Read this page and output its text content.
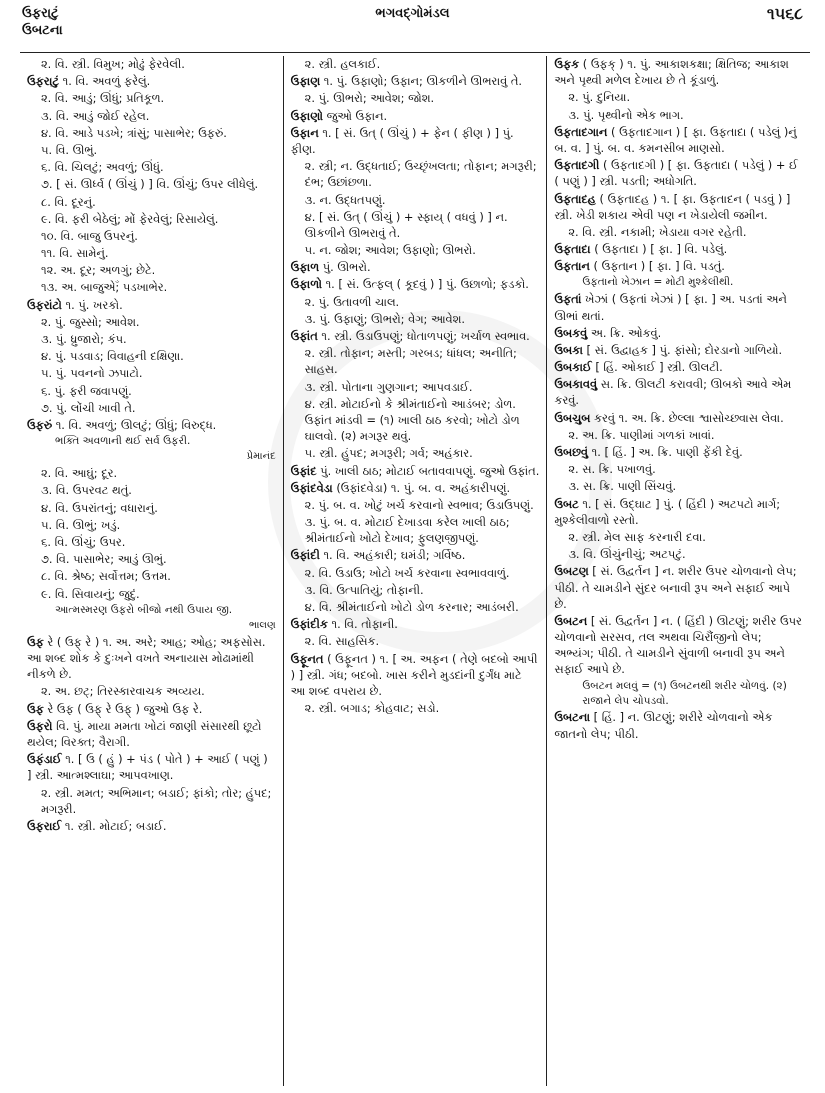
ઉફરાટું
ઉબટના
ભગવદ્ગોમંડલ	૧૫૬૮
૨. વિ. સ્ત્રી. વિમુખ; મોઢું ફેરવેલી.
ઉફરાટું ૧. વિ. અવળું ફરેલું.
૨. વિ. આડું; ઊંધું; પ્રતિકૂળ.
૩. વિ. આડું જોઈ રહેલ.
૪. વિ. આડે પડખે; ત્રાંસું; પાસાભેર; ઉફરું.
૫. વિ. ઊભું.
૬. વિ. ચિલટું; અવળું; ઊંધું.
૭. [ સં. ઊર્ધ્વ ( ઊંચું ) ] વિ. ઊંચું; ઉપર લીધેલું.
૮. વિ. દૂરનું.
૯. વિ. ફરી બેઠેલું; મોં ફેરવેલું; રિસાયેલું.
૧૦. વિ. બાજુ ઉપરનું.
૧૧. વિ. સામેનું.
૧૨. અ. દૂર; અળગું; છેટે.
૧૩. અ. બાજુએઁ; પડખાભેર.
ઉફરાંટો ૧. પું. ખરકો.
૨. પું. જુસ્સો; આવેશ.
૩. પું. ધ્રુજારો; કંપ.
૪. પું. પડવાડ; વિવાહની દક્ષિણા.
૫. પું. પવનનો ઝપાટો.
૬. પું. ફરી જવાપણું.
૭. પું. લોંચી ખાવી તે.
ઉફરું ૧. વિ. અવળું; ઊલટું; ઊંધું; વિરુદ્ધ.
ભક્તિ અવળાની થઈ સર્વ ઉફરી.
પ્રેમાનંદ
૨. વિ. આઘું; દૂર.
૩. વિ. ઉપરવટ થતું.
૪. વિ. ઉપરાંતનું; વધારાનું.
૫. વિ. ઊભું; ખડું.
૬. વિ. ઊંચું; ઉપર.
૭. વિ. પાસાભેર; આડું ઊભું.
૮. વિ. શ્રેષ્ઠ; સર્વોત્તમ; ઉત્તમ.
૯. વિ. સિવાયનું; જુદું.
આત્મસ્મરણ ઉફરો બીજો નથી ઉપાય જી.
ભાલણ
ઉફ રે ( ઉફ્ રે ) ૧. અ. અરે; આહ; ઓહ; અફસોસ. આ શબ્દ શોક કે દુઃખને વખતે અનાયાસ મોઢામાંથી નીકળે છે.
૨. અ. છટ્; તિરસ્કારવાચક અવ્યય.
ઉફ રે ઉફ ( ઉફ્ રે ઉફ્ ) જુઓ ઉફ રે.
ઉફરો વિ. પું. માયા મમતા ખોટાં જાણી સંસારથી છૂટો થયેલ; વિરક્ત; વૈરાગી.
ઉફંડાઈ ૧. [ ઉ ( હું ) + પંડ ( પોતે ) + આઈ ( પણું ) ] સ્ત્રી. આત્મશ્લાઘા; આપવખાણ.
૨. સ્ત્રી. મમત; અભિમાન; બડાઈ; ફાંકો; તોર; હુંપદ; મગરૂરી.
ઉફરાઈ ૧. સ્ત્રી. મોટાઈ; બડાઈ.
૨. સ્ત્રી. હલકાઈ.
ઉફાણ ૧. પું. ઉફાણો; ઉફાન; ઊકળીને ઊભરાવું તે.
૨. પું. ઊભરો; આવેશ; જોશ.
ઉફાણો જુઓ ઉફાન.
ઉફાન ૧. [ સં. ઉત્ ( ઊંચું ) + ફેન ( ફીણ ) ] પું. ફીણ.
૨. સ્ત્રી; ન. ઉદ્ધતાઈ; ઉચ્છૃંખલતા; તોફાન; મગરૂરી; દંભ; ઉછાંછળા.
૩. ન. ઉદ્ધતપણું.
૪. [ સં. ઉત્ ( ઊંચું ) + સ્ફાય્ ( વધવું ) ] ન. ઊકળીને ઊભરાવું તે.
૫. ન. જોશ; આવેશ; ઉફાણો; ઊભરો.
ઉફાળ પું. ઊભરો.
ઉફાળો ૧. [ સં. ઉત્ફલ્ ( કૂદવું ) ] પું. ઉછાળો; ફડકો.
૨. પું. ઉતાવળી ચાલ.
૩. પું. ઉફાણું; ઊભરો; વેગ; આવેશ.
ઉફાંત ૧. સ્ત્રી. ઉડાઉપણું; ધોતાળપણું; ખર્ચાળ સ્વભાવ.
૨. સ્ત્રી. તોફાન; મસ્તી; ગરબડ; ધાંધલ; અનીતિ; સાહસ.
૩. સ્ત્રી. પોતાના ગુણગાન; આપવડાઈ.
૪. સ્ત્રી. મોટાઈનો કે શ્રીમંતાઈનો આડંબર; ડોળ. ઉફાંત માંડવી = (૧) ખાલી ઠાઠ કરવો; ખોટો ડોળ ઘાલવો. (૨) મગરૂર થવું.
૫. સ્ત્રી. હુંપદ; મગરૂરી; ગર્વ; અહંકાર.
ઉફાંદ પું. ખાલી ઠાઠ; મોટાઈ બતાવવાપણું. જુઓ ઉફાંત.
ઉફાંદવેડા (ઉફાંદવેડા) ૧. પું. બ. વ. અહંકારીપણું.
૨. પું. બ. વ. ખોટું ખર્ચ કરવાનો સ્વભાવ; ઉડાઉપણું.
૩. પું. બ. વ. મોટાઈ દેખાડવા કરેલ ખાલી ઠાઠ; શ્રીમંતાઈનો ખોટો દેખાવ; ફુલણજીપણું.
ઉફાંદી ૧. વિ. અહંકારી; ઘમંડી; ગર્વિષ્ઠ.
૨. વિ. ઉડાઉ; ખોટો ખર્ચ કરવાના સ્વભાવવાળું.
૩. વિ. ઉત્પાતિયું; તોફાની.
૪. વિ. શ્રીમંતાઈનો ખોટો ડોળ કરનાર; આડંબરી.
ઉફાંદીક ૧. વિ. તોફાની.
૨. વિ. સાહસિક.
ઉફૂનત ( ઉફૂનત ) ૧. [ અ. અફન ( તેણે બદબો આપી ) ] સ્ત્રી. ગંધ; બદબો. ખાસ કરીને મુડદાંની દુર્ગંધ માટે આ શબ્દ વપરાય છે.
૨. સ્ત્રી. બગાડ; કોહવાટ; સડો.
ઉફક ( ઉફક્ ) ૧. પું. આકાશકક્ષા; ક્ષિતિજ; આકાશ અને પૃથ્વી મળેલ દેખાય છે તે કૂંડાળું.
૨. પું. દુનિયા.
૩. પું. પૃથ્વીનો એક ભાગ.
ઉફતાદગાન ( ઉફતાદગાન ) [ ફા. ઉફતાદા ( પડેલું )નું બ. વ. ] પું. બ. વ. કમનસીબ માણસો.
ઉફતાદગી ( ઉફતાદગી ) [ ફા. ઉફતાદા ( પડેલું ) + ઈ ( પણું ) ] સ્ત્રી. પડતી; અધોગતિ.
ઉફતાદહ ( ઉફતાદહ ) ૧. [ ફા. ઉફતાદન ( પડવું ) ] સ્ત્રી. ખેડી શકાય એવી પણ ન ખેડાયેલી જમીન.
૨. વિ. સ્ત્રી. નકામી; ખેડાયા વગર રહેતી.
ઉફતાદા ( ઉફતાદા ) [ ફા. ] વિ. પડેલું.
ઉફતાન ( ઉફતાન ) [ ફા. ] વિ. પડતું.
ઉફતાનો ખેઝાન = મોટી મુશ્કેલીથી.
ઉફતાં ખેઝાં ( ઉફતાં ખેઝાં ) [ ફા. ] અ. પડતાં અને ઊભાં થતાં.
ઉબકવું અ. ક્રિ. ઓકવું.
ઉબકા [ સં. ઉદ્વાહક ] પું. ફાંસો; દોરડાનો ગાળિયો.
ઉબકાઈ [ હિં. ઓકાઈ ] સ્ત્રી. ઊલટી.
ઉબકાવવું સ. ક્રિ. ઊલટી કરાવવી; ઊબકો આવે એમ કરવું.
ઉબચુબ કરવું ૧. અ. ક્રિ. છેલ્લા શ્વાસોચ્છ્વાસ લેવા.
૨. અ. ક્રિ. પાણીમાં ગળકાં ખાવાં.
ઉબછવું ૧. [ હિં. ] અ. ક્રિ. પાણી ફેંકી દેવું.
૨. સ. ક્રિ. પખાળવું.
૩. સ. ક્રિ. પાણી સિંચવું.
ઉબટ ૧. [ સં. ઉદ્ઘાટ ] પું. ( હિંદી ) અટપટો માર્ગ; મુશ્કેલીવાળો રસ્તો.
૨. સ્ત્રી. મેલ સાફ કરનારી દવા.
૩. વિ. ઊંચુંનીચું; અટપટું.
ઉબટણ [ સં. ઉદ્વર્તન ] ન. શરીર ઉપર ચોળવાનો લેપ; પીઠી. તે ચામડીને સુંદર બનાવી રૂપ અને સફાઈ આપે છે.
ઉબટન [ સં. ઉદ્વર્તન ] ન. ( હિંદી ) ઊટણું; શરીર ઉપર ચોળવાનો સરસવ, તલ અથવા ચિરૌંજીનો લેપ; અભ્યંગ; પીઠી. તે ચામડીને સુંવાળી બનાવી રૂપ અને સફાઈ આપે છે.
ઉબટન મલવું = (૧) ઉબટનથી શરીર ચોળવું. (૨) રાજાને લેપ ચોપડવો.
ઉબટના [ હિં. ] ન. ઊટણું; શરીરે ચોળવાનો એક જાતનો લેપ; પીઠી.
